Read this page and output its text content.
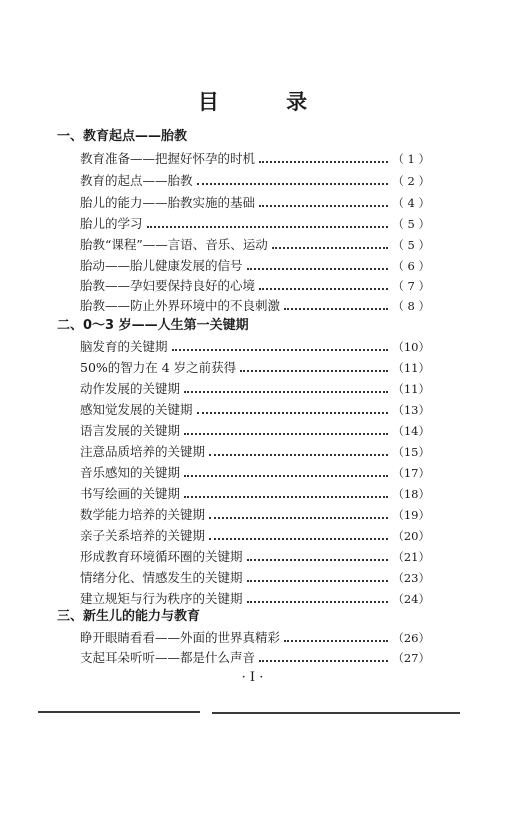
目 录
一、教育起点——胎教
教育准备——把握好怀孕的时机	（ 1 ）
教育的起点——胎教	（ 2 ）
胎儿的能力——胎教实施的基础	（ 4 ）
胎儿的学习	（ 5 ）
胎教“课程”——言语、音乐、运动	（ 5 ）
胎动——胎儿健康发展的信号	（ 6 ）
胎教——孕妇要保持良好的心境	（ 7 ）
胎教——防止外界环境中的不良刺激	（ 8 ）
二、0～3 岁——人生第一关键期
脑发育的关键期	（10）
50%的智力在 4 岁之前获得	（11）
动作发展的关键期	（11）
感知觉发展的关键期	（13）
语言发展的关键期	（14）
注意品质培养的关键期	（15）
音乐感知的关键期	（17）
书写绘画的关键期	（18）
数学能力培养的关键期	（19）
亲子关系培养的关键期	（20）
形成教育环境循环圈的关键期	（21）
情绪分化、情感发生的关键期	（23）
建立规矩与行为秩序的关键期	（24）
三、新生儿的能力与教育
睁开眼睛看看——外面的世界真精彩	（26）
支起耳朵听听——都是什么声音	（27）
· I ·
